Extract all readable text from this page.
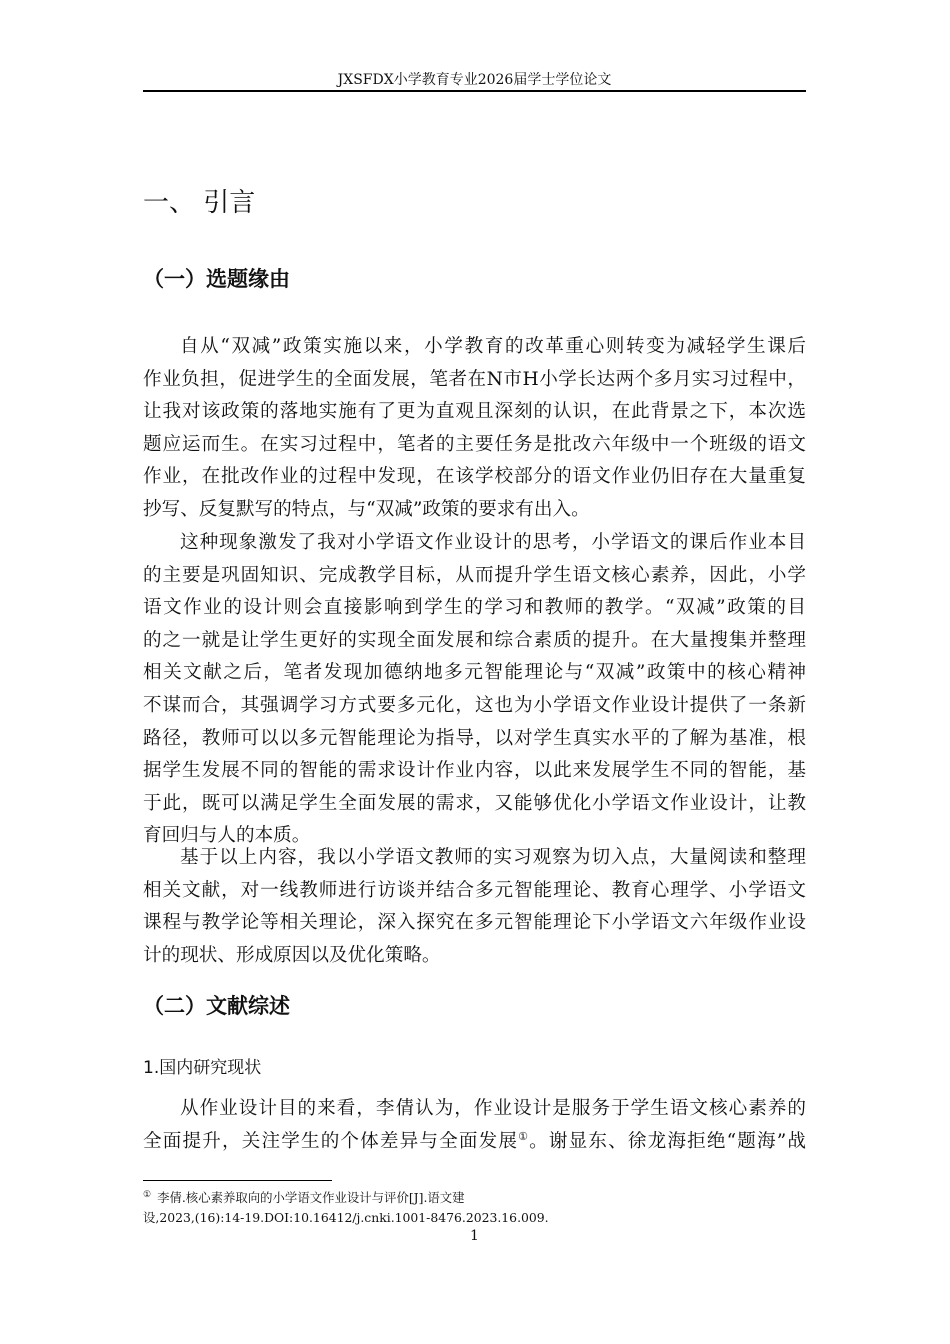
JXSFDX小学教育专业2026届学士学位论文
一、 引言
（一）选题缘由
自从“双减”政策实施以来，小学教育的改革重心则转变为减轻学生课后
作业负担，促进学生的全面发展，笔者在N市H小学长达两个多月实习过程中，
让我对该政策的落地实施有了更为直观且深刻的认识，在此背景之下，本次选
题应运而生。在实习过程中，笔者的主要任务是批改六年级中一个班级的语文
作业，在批改作业的过程中发现，在该学校部分的语文作业仍旧存在大量重复
抄写、反复默写的特点，与“双减”政策的要求有出入。
这种现象激发了我对小学语文作业设计的思考，小学语文的课后作业本目
的主要是巩固知识、完成教学目标，从而提升学生语文核心素养，因此，小学
语文作业的设计则会直接影响到学生的学习和教师的教学。“双减”政策的目
的之一就是让学生更好的实现全面发展和综合素质的提升。在大量搜集并整理
相关文献之后，笔者发现加德纳地多元智能理论与“双减”政策中的核心精神
不谋而合，其强调学习方式要多元化，这也为小学语文作业设计提供了一条新
路径，教师可以以多元智能理论为指导，以对学生真实水平的了解为基准，根
据学生发展不同的智能的需求设计作业内容，以此来发展学生不同的智能，基
于此，既可以满足学生全面发展的需求，又能够优化小学语文作业设计，让教
育回归与人的本质。
基于以上内容，我以小学语文教师的实习观察为切入点，大量阅读和整理
相关文献，对一线教师进行访谈并结合多元智能理论、教育心理学、小学语文
课程与教学论等相关理论，深入探究在多元智能理论下小学语文六年级作业设
计的现状、形成原因以及优化策略。
（二）文献综述
1.国内研究现状
从作业设计目的来看，李倩认为，作业设计是服务于学生语文核心素养的
全面提升，关注学生的个体差异与全面发展①。谢显东、徐龙海拒绝“题海”战
① 李倩.核心素养取向的小学语文作业设计与评价[J].语文建
设,2023,(16):14-19.DOI:10.16412/j.cnki.1001-8476.2023.16.009.
1
